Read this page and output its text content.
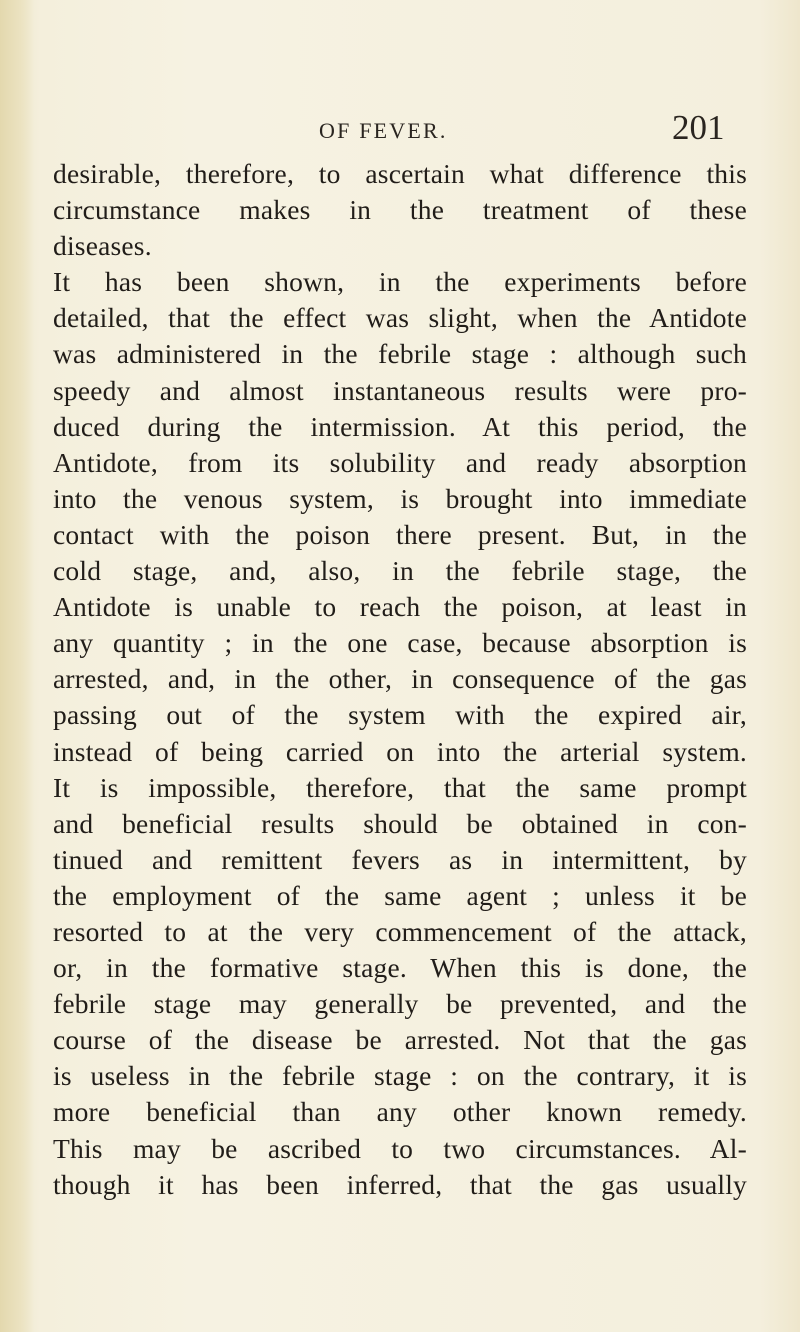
OF FEVER.	201
desirable, therefore, to ascertain what difference this
circumstance makes in the treatment of these
diseases.
It has been shown, in the experiments before
detailed, that the effect was slight, when the Antidote
was administered in the febrile stage : although such
speedy and almost instantaneous results were pro-
duced during the intermission. At this period, the
Antidote, from its solubility and ready absorption
into the venous system, is brought into immediate
contact with the poison there present. But, in the
cold stage, and, also, in the febrile stage, the
Antidote is unable to reach the poison, at least in
any quantity ; in the one case, because absorption is
arrested, and, in the other, in consequence of the gas
passing out of the system with the expired air,
instead of being carried on into the arterial system.
It is impossible, therefore, that the same prompt
and beneficial results should be obtained in con-
tinued and remittent fevers as in intermittent, by
the employment of the same agent ; unless it be
resorted to at the very commencement of the attack,
or, in the formative stage. When this is done, the
febrile stage may generally be prevented, and the
course of the disease be arrested. Not that the gas
is useless in the febrile stage : on the contrary, it is
more beneficial than any other known remedy.
This may be ascribed to two circumstances. Al-
though it has been inferred, that the gas usually
